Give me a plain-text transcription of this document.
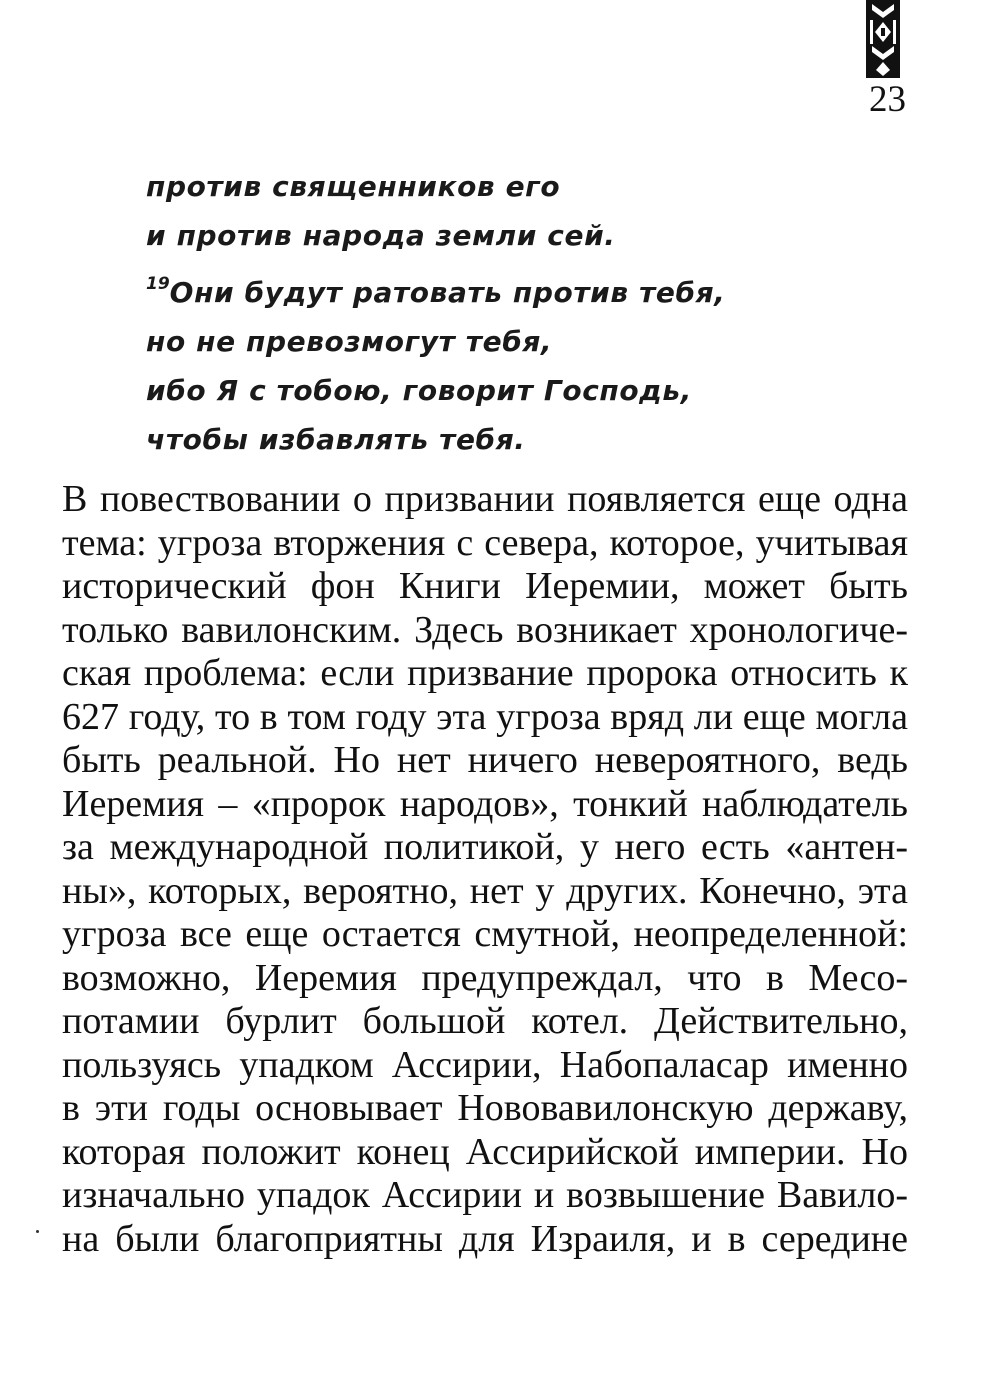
23
против священников его
и против народа земли сей.
$^{19}$Они будут ратовать против тебя,
но не превозмогут тебя,
ибо Я с тобою, говорит Господь,
чтобы избавлять тебя.
В повествовании о призвании появляется еще одна
тема: угроза вторжения с севера, которое, учитывая
исторический фон Книги Иеремии, может быть
только вавилонским. Здесь возникает хронологиче-
ская проблема: если призвание пророка относить к
627 году, то в том году эта угроза вряд ли еще могла
быть реальной. Но нет ничего невероятного, ведь
Иеремия – «пророк народов», тонкий наблюдатель
за международной политикой, у него есть «антен-
ны», которых, вероятно, нет у других. Конечно, эта
угроза все еще остается смутной, неопределенной:
возможно, Иеремия предупреждал, что в Месо-
потамии бурлит большой котел. Действительно,
пользуясь упадком Ассирии, Набопаласар именно
в эти годы основывает Нововавилонскую державу,
которая положит конец Ассирийской империи. Но
изначально упадок Ассирии и возвышение Вавило-
на были благоприятны для Израиля, и в середине
